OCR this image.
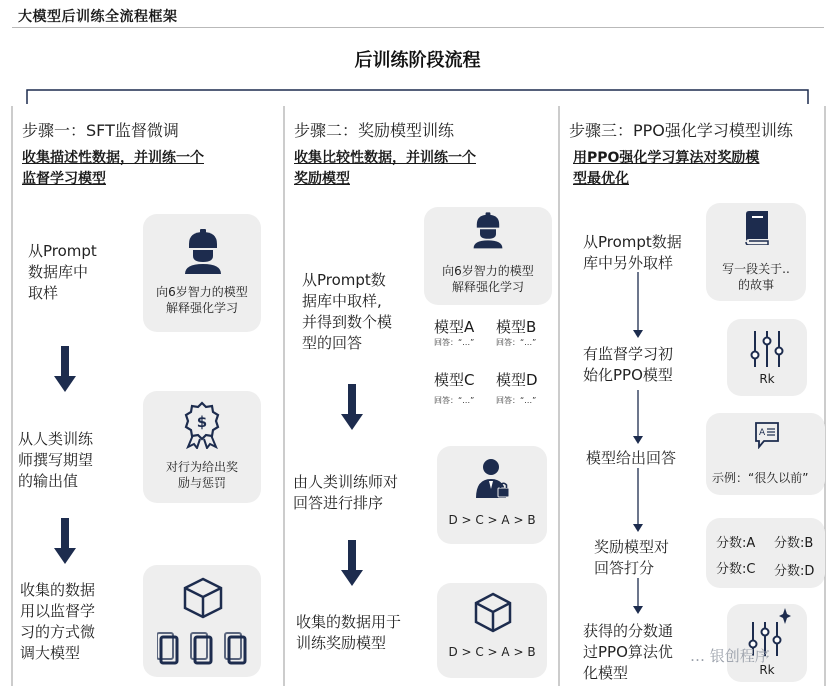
大模型后训练全流程框架
后训练阶段流程
步骤一：SFT监督微调
收集描述性数据，并训练一个
监督学习模型
从Prompt
数据库中
取样	向6岁智力的模型
解释强化学习
从人类训练
师撰写期望
的输出值
$
对行为给出奖
励与惩罚
收集的数据
用以监督学
习的方式微
调大模型
步骤二：奖励模型训练
收集比较性数据，并训练一个
奖励模型
从Prompt数
据库中取样,
并得到数个模
型的回答
向6岁智力的模型
解释强化学习
模型A
回答：“…”
模型B
回答：“…”
模型C
回答：“…”
模型D
回答：“…”
由人类训练师对
回答进行排序
D > C > A > B
收集的数据用于
训练奖励模型	D > C > A > B
步骤三：PPO强化学习模型训练
用PPO强化学习算法对奖励模
型最优化
从Prompt数据
库中另外取样	写一段关于..
的故事
有监督学习初
始化PPO模型	Rk
模型给出回答
A
示例：“很久以前”
奖励模型对
回答打分
分数:A 分数:B
分数:C 分数:D
获得的分数通
过PPO算法优
化模型	Rk
… 银创程序
